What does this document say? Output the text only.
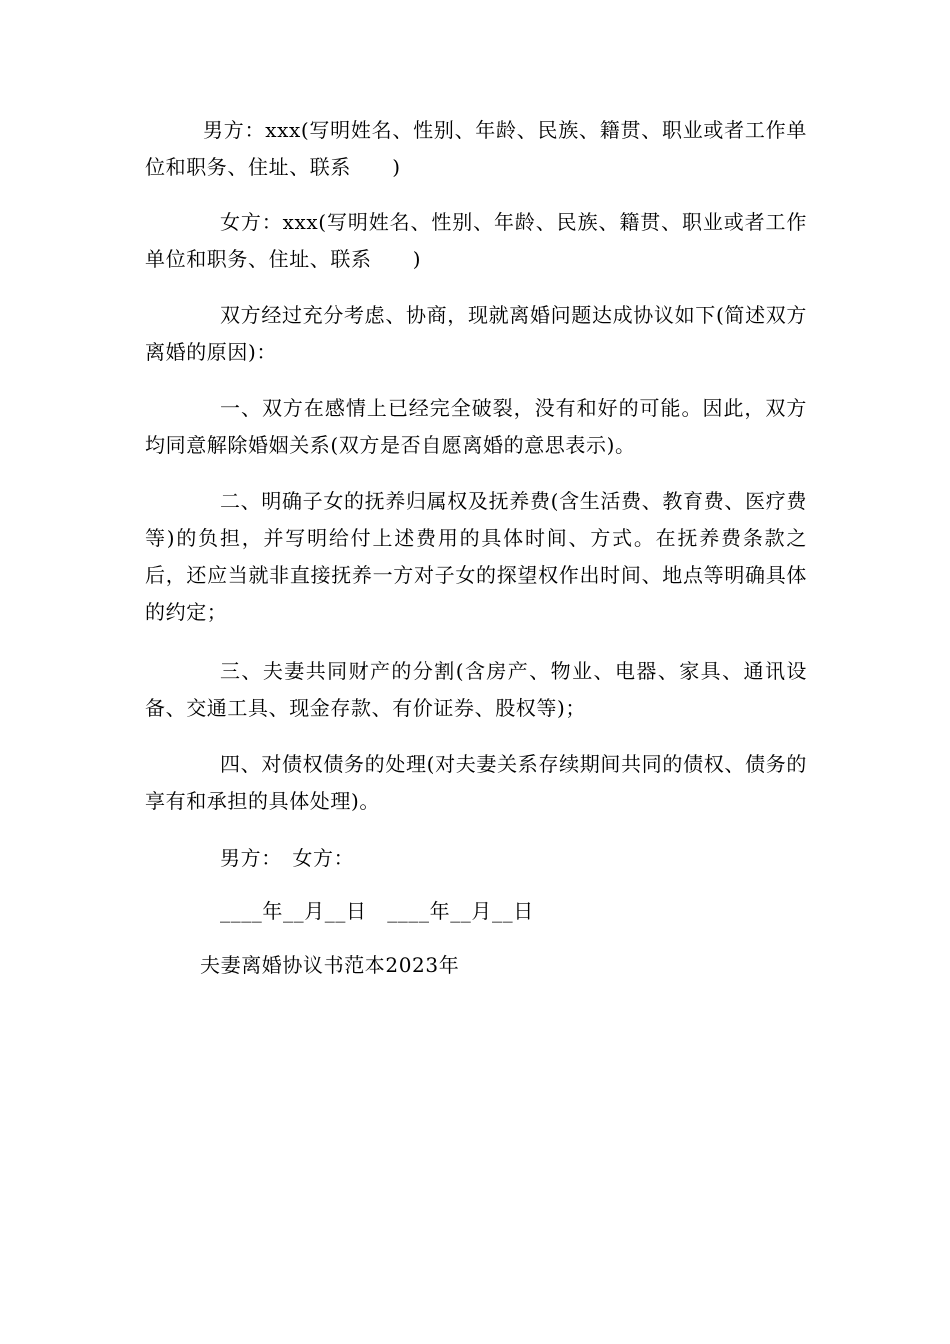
男方：xxx(写明姓名、性别、年龄、民族、籍贯、职业或者工作单位和职务、住址、联系　　)

女方：xxx(写明姓名、性别、年龄、民族、籍贯、职业或者工作单位和职务、住址、联系　　)

双方经过充分考虑、协商，现就离婚问题达成协议如下(简述双方离婚的原因)：

一、双方在感情上已经完全破裂，没有和好的可能。因此，双方均同意解除婚姻关系(双方是否自愿离婚的意思表示)。

二、明确子女的抚养归属权及抚养费(含生活费、教育费、医疗费等)的负担，并写明给付上述费用的具体时间、方式。在抚养费条款之后，还应当就非直接抚养一方对子女的探望权作出时间、地点等明确具体的约定；

三、夫妻共同财产的分割(含房产、物业、电器、家具、通讯设备、交通工具、现金存款、有价证券、股权等)；

四、对债权债务的处理(对夫妻关系存续期间共同的债权、债务的享有和承担的具体处理)。

男方：　女方：
____年__月__日　____年__月__日
夫妻离婚协议书范本2023年
